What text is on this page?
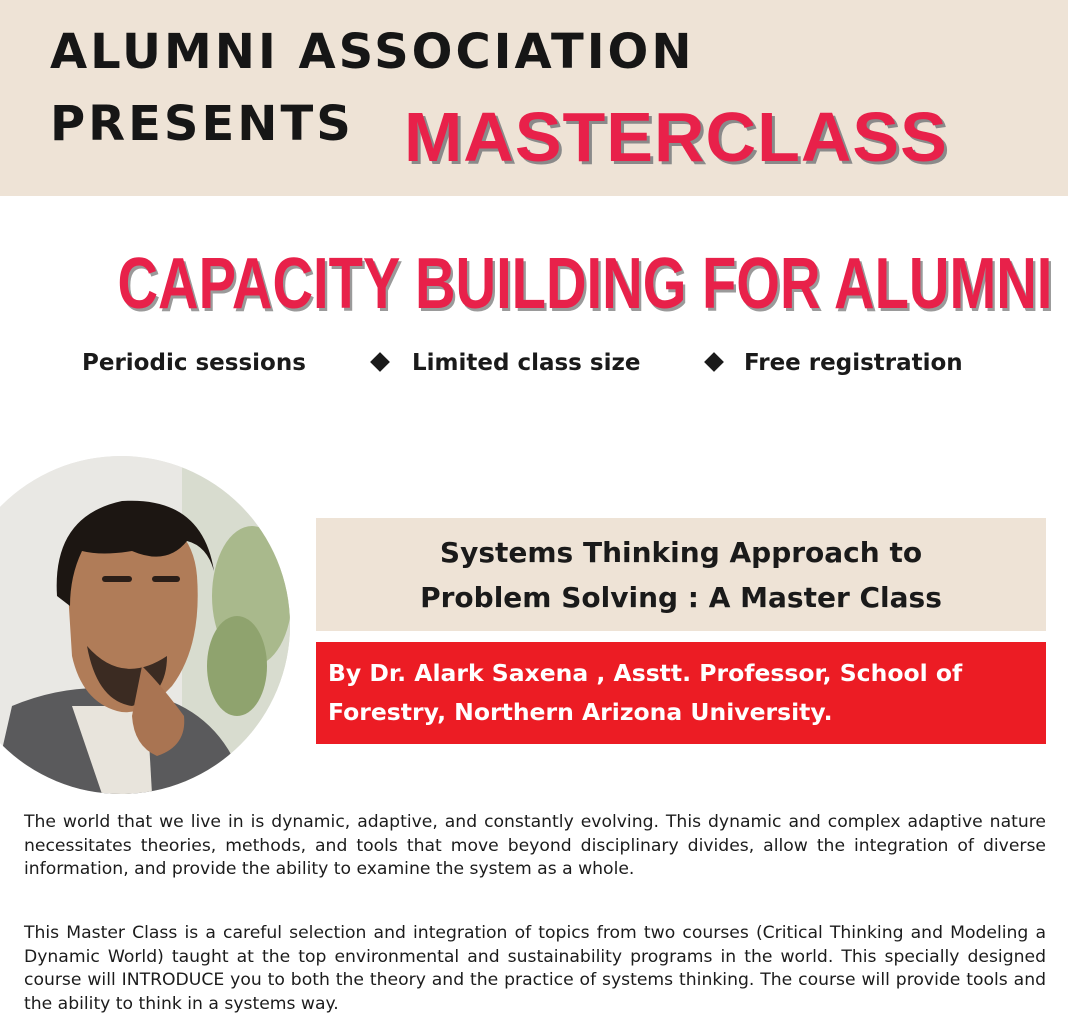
ALUMNI ASSOCIATION
PRESENTS MASTERCLASS
CAPACITY BUILDING FOR ALUMNI
Periodic sessions	Limited class size	Free registration
Systems Thinking Approach to
Problem Solving : A Master Class
By Dr. Alark Saxena , Asstt. Professor, School of
Forestry, Northern Arizona University.
The world that we live in is dynamic, adaptive, and constantly evolving. This dynamic and complex adaptive nature necessitates theories, methods, and tools that move beyond disciplinary divides, allow the integration of diverse information, and provide the ability to examine the system as a whole.
This Master Class is a careful selection and integration of topics from two courses (Critical Thinking and Modeling a Dynamic World) taught at the top environmental and sustainability programs in the world. This specially designed course will INTRODUCE you to both the theory and the practice of systems thinking. The course will provide tools and the ability to think in a systems way.
